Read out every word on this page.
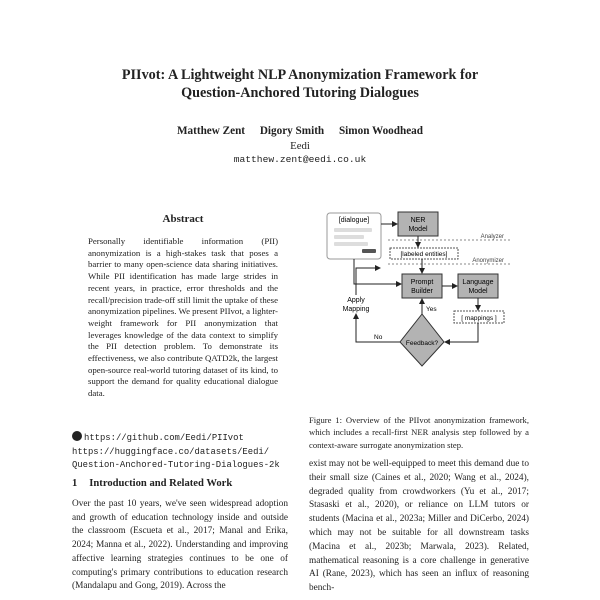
PIIvot: A Lightweight NLP Anonymization Framework for
Question-Anchored Tutoring Dialogues
Matthew Zent Digory Smith Simon Woodhead
Eedi
matthew.zent@eedi.co.uk
Abstract

Personally identifiable information (PII) anonymization is a high-stakes task that poses a barrier to many open-science data sharing initiatives. While PII identification has made large strides in recent years, in practice, error thresholds and the recall/precision trade-off still limit the uptake of these anonymization pipelines. We present PIIvot, a lighter-weight framework for PII anonymization that leverages knowledge of the data context to simplify the PII detection problem. To demonstrate its effectiveness, we also contribute QATD2k, the largest open-source real-world tutoring dataset of its kind, to support the demand for quality educational dialogue data.

https://github.com/Eedi/PIIvot
https://huggingface.co/datasets/Eedi/
Question-Anchored-Tutoring-Dialogues-2k
1 Introduction and Related Work

Over the past 10 years, we've seen widespread adoption and growth of education technology inside and outside the classroom (Escueta et al., 2017; Manal and Erika, 2024; Manna et al., 2022). Understanding and improving affective learning strategies continues to be one of computing's primary contributions to education research (Mandalapu and Gong, 2019). Across the

[dialogue]	NER
Model
Analyzer
[labeled entities]
Anonymizer
Prompt
Builder
Language
Model
Apply
Mapping
[ mappings ]
Feedback?
Yes
No

Figure 1: Overview of the PIIvot anonymization framework, which includes a recall-first NER analysis step followed by a context-aware surrogate anonymization step.

exist may not be well-equipped to meet this demand due to their small size (Caines et al., 2020; Wang et al., 2024), degraded quality from crowdworkers (Yu et al., 2017; Stasaski et al., 2020), or reliance on LLM tutors or students (Macina et al., 2023a; Miller and DiCerbo, 2024) which may not be suitable for all downstream tasks (Macina et al., 2023b; Marwala, 2023). Related, mathematical reasoning is a core challenge in generative AI (Rane, 2023), which has seen an influx of reasoning bench-
